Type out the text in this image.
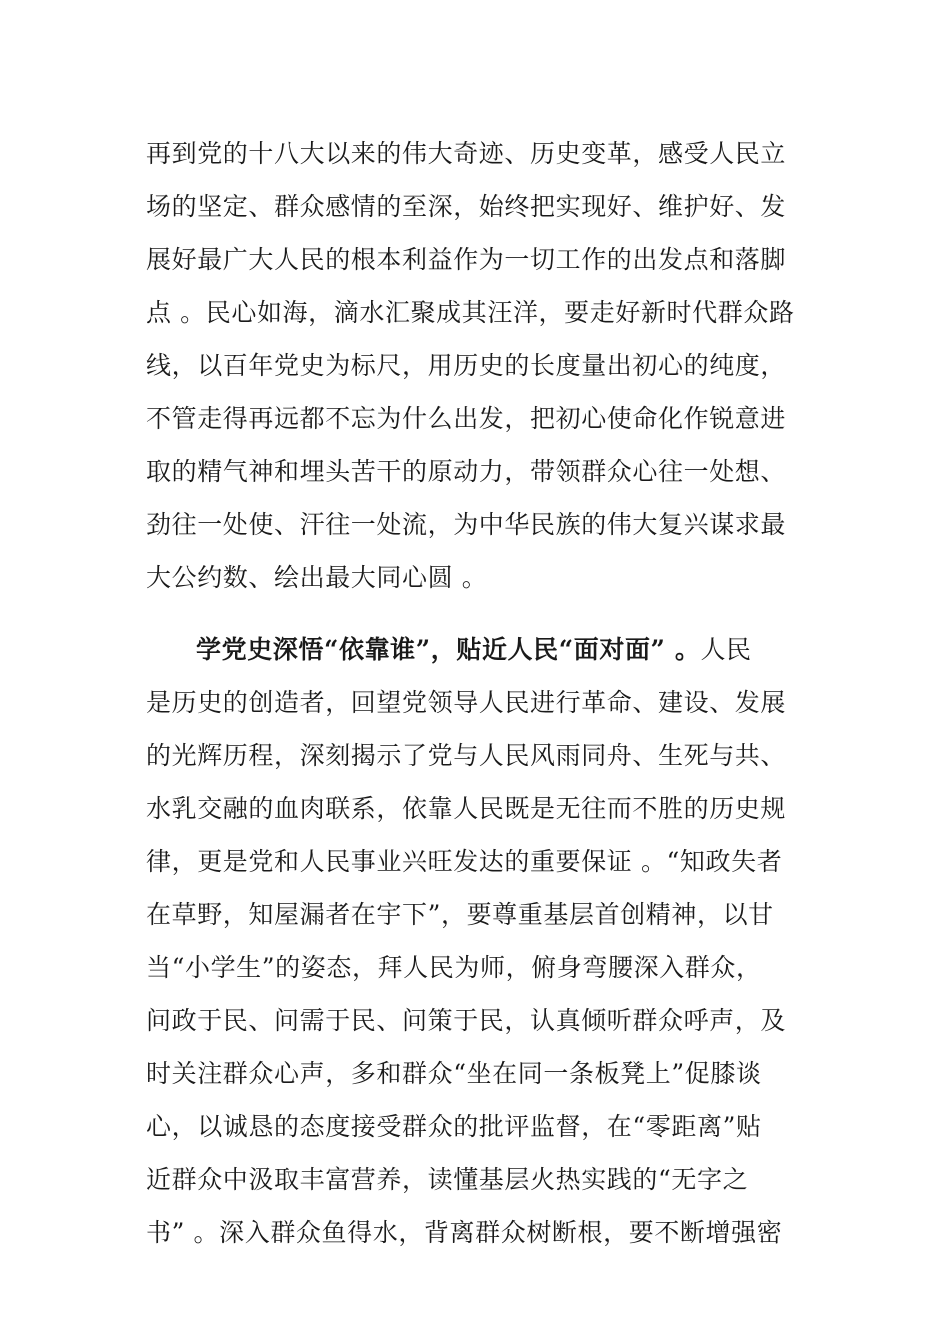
再到党的十八大以来的伟大奇迹、历史变革，感受人民立
场的坚定、群众感情的至深，始终把实现好、维护好、发
展好最广大人民的根本利益作为一切工作的出发点和落脚
点 。民心如海，滴水汇聚成其汪洋，要走好新时代群众路
线，以百年党史为标尺，用历史的长度量出初心的纯度，
不管走得再远都不忘为什么出发，把初心使命化作锐意进
取的精气神和埋头苦干的原动力，带领群众心往一处想、
劲往一处使、汗往一处流，为中华民族的伟大复兴谋求最
大公约数、绘出最大同心圆 。
学党史深悟“依靠谁”，贴近人民“面对面” 。人民
是历史的创造者，回望党领导人民进行革命、建设、发展
的光辉历程，深刻揭示了党与人民风雨同舟、生死与共、
水乳交融的血肉联系，依靠人民既是无往而不胜的历史规
律，更是党和人民事业兴旺发达的重要保证 。“知政失者
在草野，知屋漏者在宇下”，要尊重基层首创精神，以甘
当“小学生”的姿态，拜人民为师，俯身弯腰深入群众，
问政于民、问需于民、问策于民，认真倾听群众呼声，及
时关注群众心声，多和群众“坐在同一条板凳上”促膝谈
心，以诚恳的态度接受群众的批评监督，在“零距离”贴
近群众中汲取丰富营养，读懂基层火热实践的“无字之
书” 。深入群众鱼得水，背离群众树断根，要不断增强密
